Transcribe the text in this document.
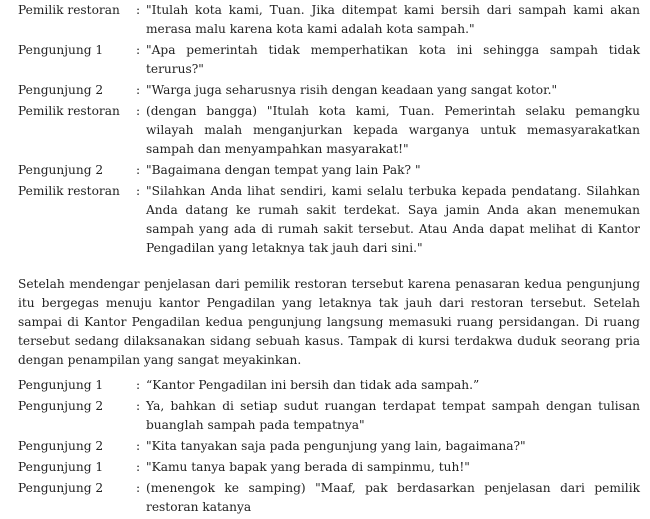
Pemilik restoran	: "Itulah kota kami, Tuan. Jika ditempat kami bersih dari sampah kami akan merasa malu karena kota kami adalah kota sampah."
Pengunjung 1	: "Apa pemerintah tidak memperhatikan kota ini sehingga sampah tidak terurus?"
Pengunjung 2	: "Warga juga seharusnya risih dengan keadaan yang sangat kotor."
Pemilik restoran	: (dengan bangga) "Itulah kota kami, Tuan. Pemerintah selaku pemangku wilayah malah menganjurkan kepada warganya untuk memasyarakatkan sampah dan menyampahkan masyarakat!"
Pengunjung 2	: "Bagaimana dengan tempat yang lain Pak? "
Pemilik restoran	: "Silahkan Anda lihat sendiri, kami selalu terbuka kepada pendatang. Silahkan Anda datang ke rumah sakit terdekat. Saya jamin Anda akan menemukan sampah yang ada di rumah sakit tersebut. Atau Anda dapat melihat di Kantor Pengadilan yang letaknya tak jauh dari sini."

Setelah mendengar penjelasan dari pemilik restoran tersebut karena penasaran kedua pengunjung itu bergegas menuju kantor Pengadilan yang letaknya tak jauh dari restoran tersebut. Setelah sampai di Kantor Pengadilan kedua pengunjung langsung memasuki ruang persidangan. Di ruang tersebut sedang dilaksanakan sidang sebuah kasus. Tampak di kursi terdakwa duduk seorang pria dengan penampilan yang sangat meyakinkan.

Pengunjung 1	: “Kantor Pengadilan ini bersih dan tidak ada sampah.”
Pengunjung 2	: Ya, bahkan di setiap sudut ruangan terdapat tempat sampah dengan tulisan buanglah sampah pada tempatnya"
Pengunjung 2	: "Kita tanyakan saja pada pengunjung yang lain, bagaimana?"
Pengunjung 1	: "Kamu tanya bapak yang berada di sampinmu, tuh!"
Pengunjung 2	: (menengok ke samping) "Maaf, pak berdasarkan penjelasan dari pemilik restoran katanya
